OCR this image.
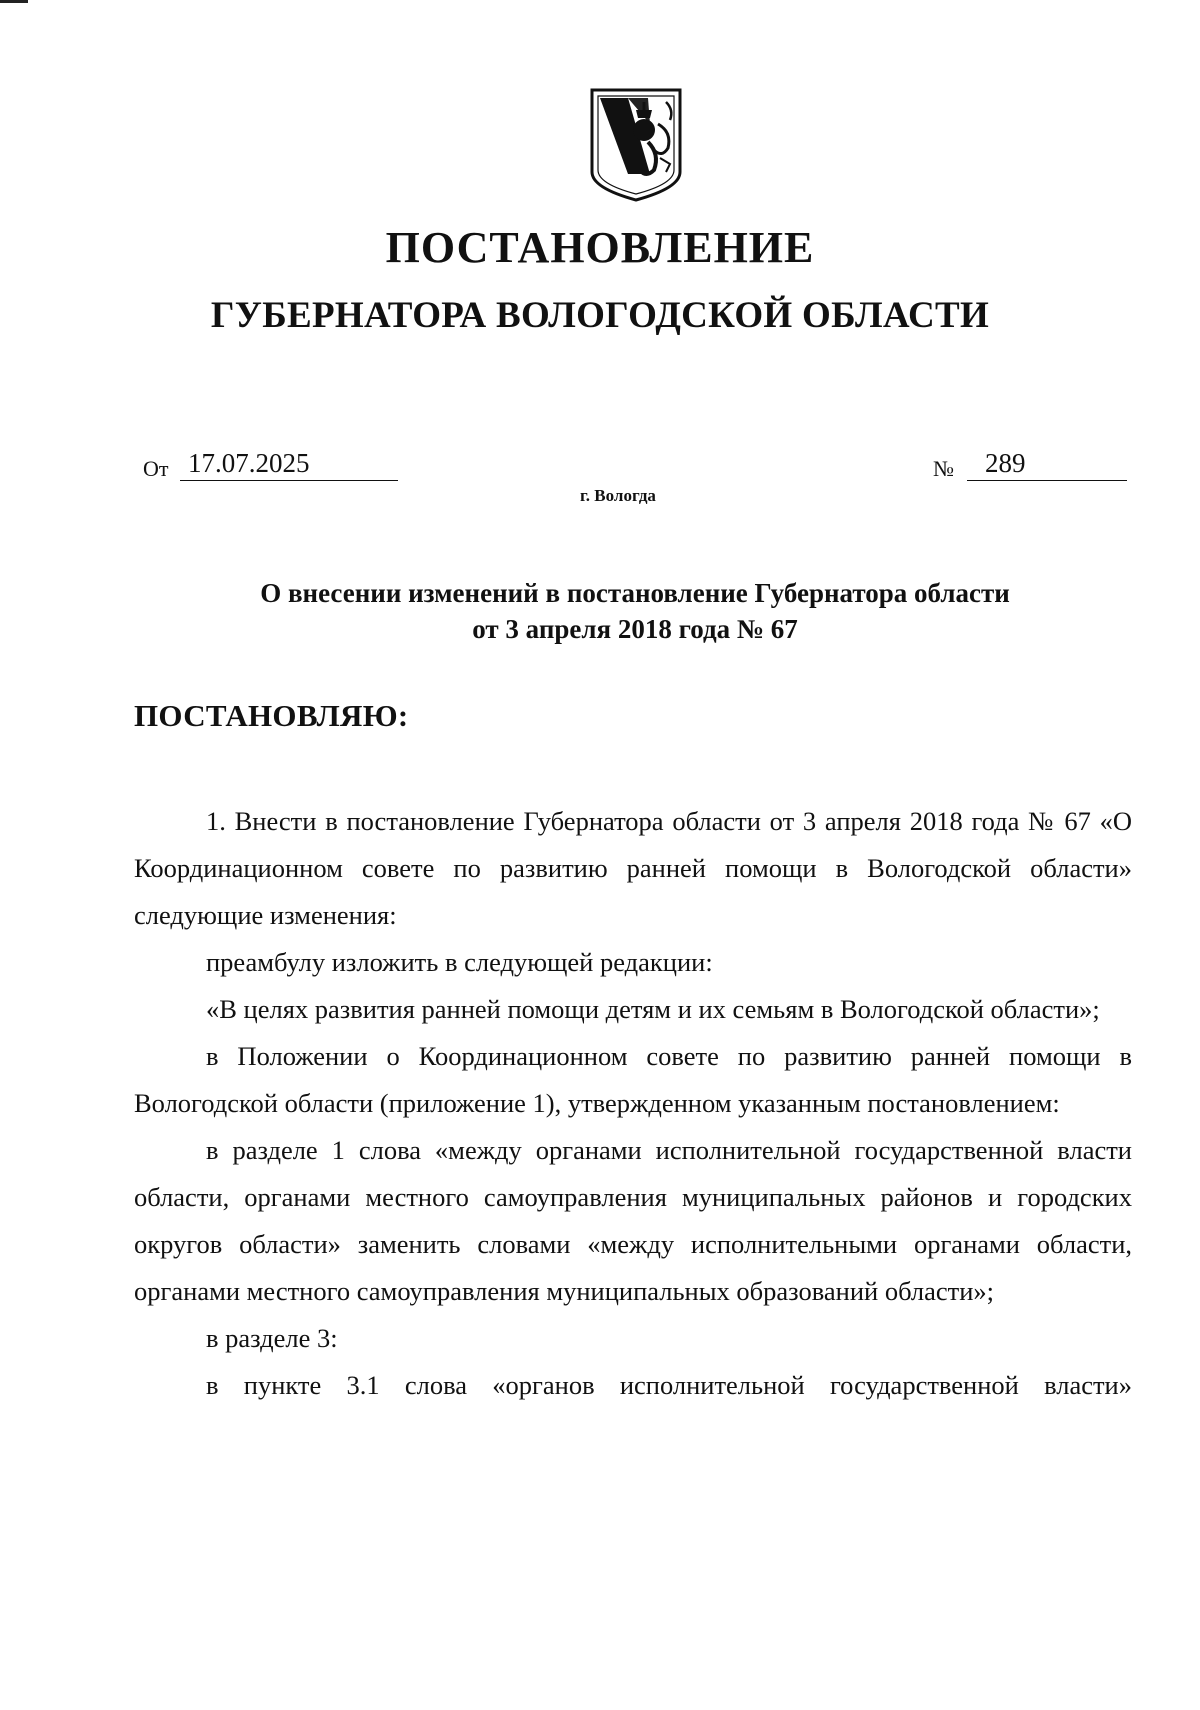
ПОСТАНОВЛЕНИЕ
ГУБЕРНАТОРА ВОЛОГОДСКОЙ ОБЛАСТИ
От 17.07.2025	№ 289
г. Вологда
О внесении изменений в постановление Губернатора области
от 3 апреля 2018 года № 67
ПОСТАНОВЛЯЮ:

1. Внести в постановление Губернатора области от 3 апреля 2018 года № 67 «О Координационном совете по развитию ранней помощи в Вологодской области» следующие изменения:

преамбулу изложить в следующей редакции:

«В целях развития ранней помощи детям и их семьям в Вологодской области»;

в Положении о Координационном совете по развитию ранней помощи в Вологодской области (приложение 1), утвержденном указанным постановлением:

в разделе 1 слова «между органами исполнительной государственной власти области, органами местного самоуправления муниципальных районов и городских округов области» заменить словами «между исполнительными органами области, органами местного самоуправления муниципальных образований области»;

в разделе 3:

в пункте 3.1 слова «органов исполнительной государственной власти»
